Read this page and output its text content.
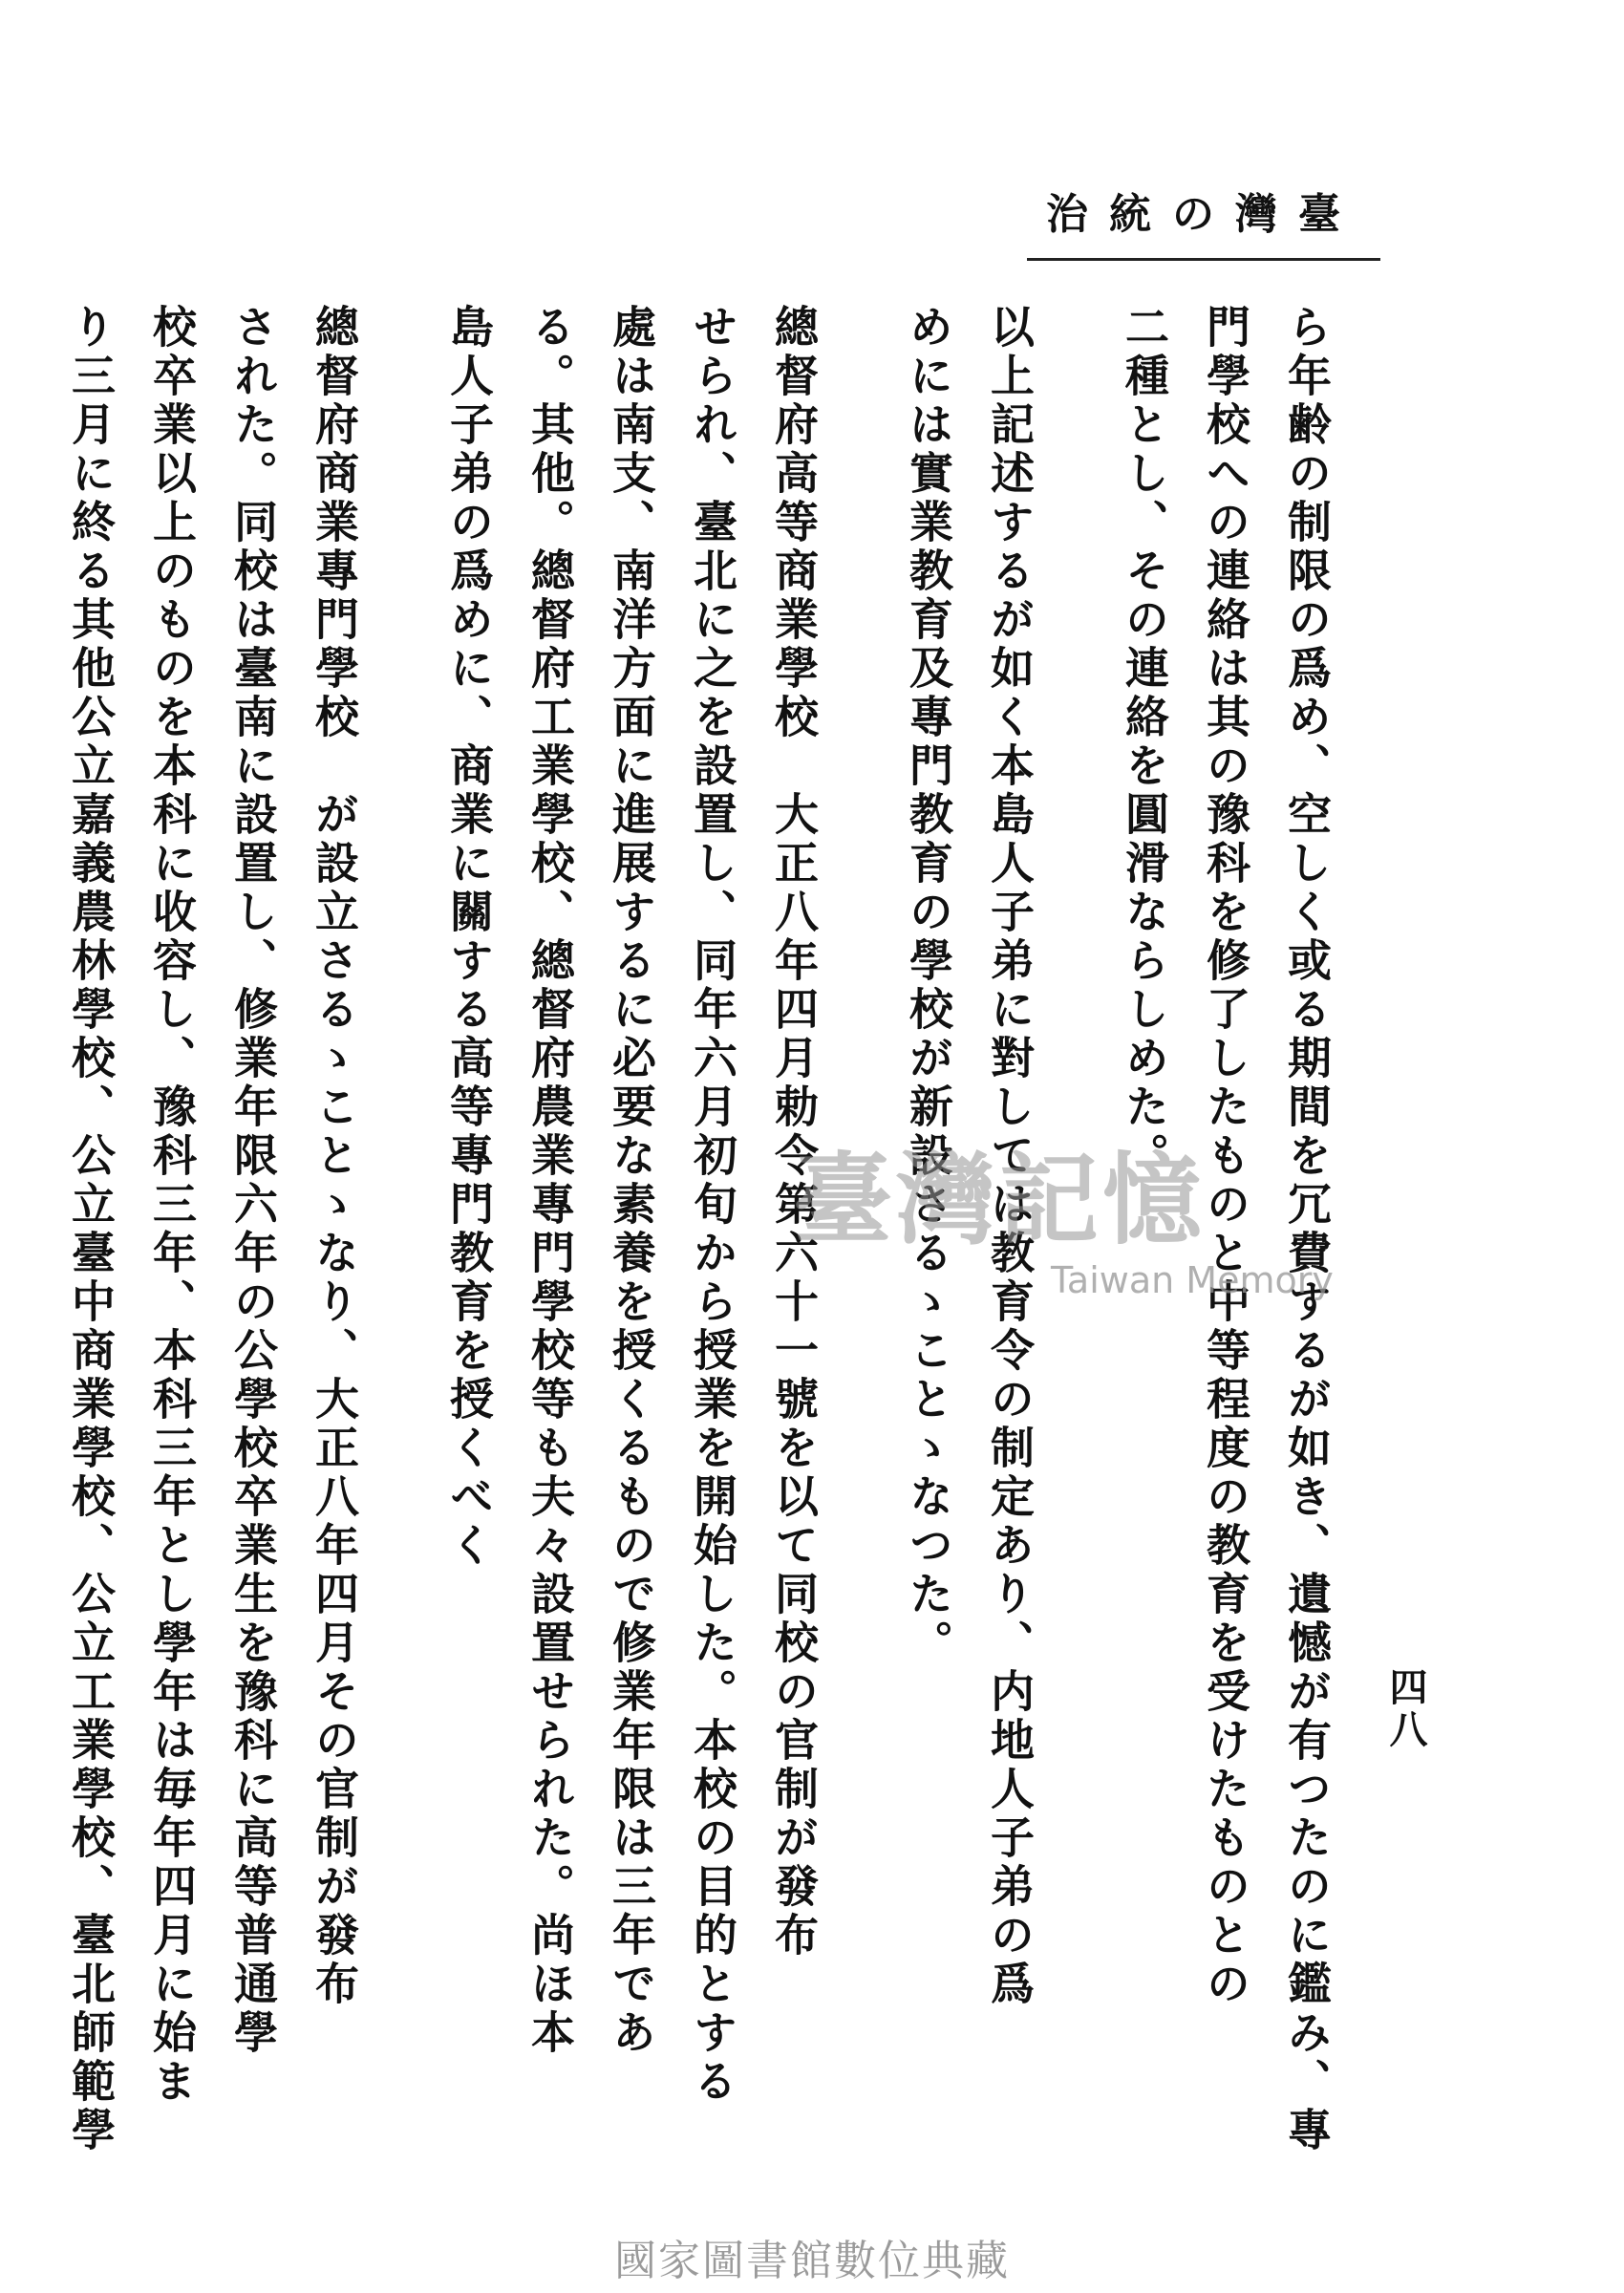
臺灣の統治
四八
ら年齢の制限の爲め、空しく或る期間を冗費するが如き、遺憾が有つたのに鑑み、專
門學校への連絡は其の豫科を修了したものと中等程度の教育を受けたものとの
二種とし、その連絡を圓滑ならしめた。
以上記述するが如く本島人子弟に對しては教育令の制定あり、内地人子弟の爲
めには實業教育及專門教育の學校が新設さるゝことゝなつた。
總督府高等商業學校　大正八年四月勅令第六十一號を以て同校の官制が發布
せられ、臺北に之を設置し、同年六月初旬から授業を開始した。本校の目的とする
處は南支、南洋方面に進展するに必要な素養を授くるもので修業年限は三年であ
る。其他。總督府工業學校、總督府農業專門學校等も夫々設置せられた。尚ほ本
島人子弟の爲めに、商業に關する高等專門教育を授くべく
總督府商業專門學校　が設立さるゝことゝなり、大正八年四月その官制が發布
された。同校は臺南に設置し、修業年限六年の公學校卒業生を豫科に高等普通學
校卒業以上のものを本科に收容し、豫科三年、本科三年とし學年は毎年四月に始ま
り三月に終る其他公立嘉義農林學校、公立臺中商業學校、公立工業學校、臺北師範學	臺灣記憶
Taiwan Memory
國家圖書館數位典藏
